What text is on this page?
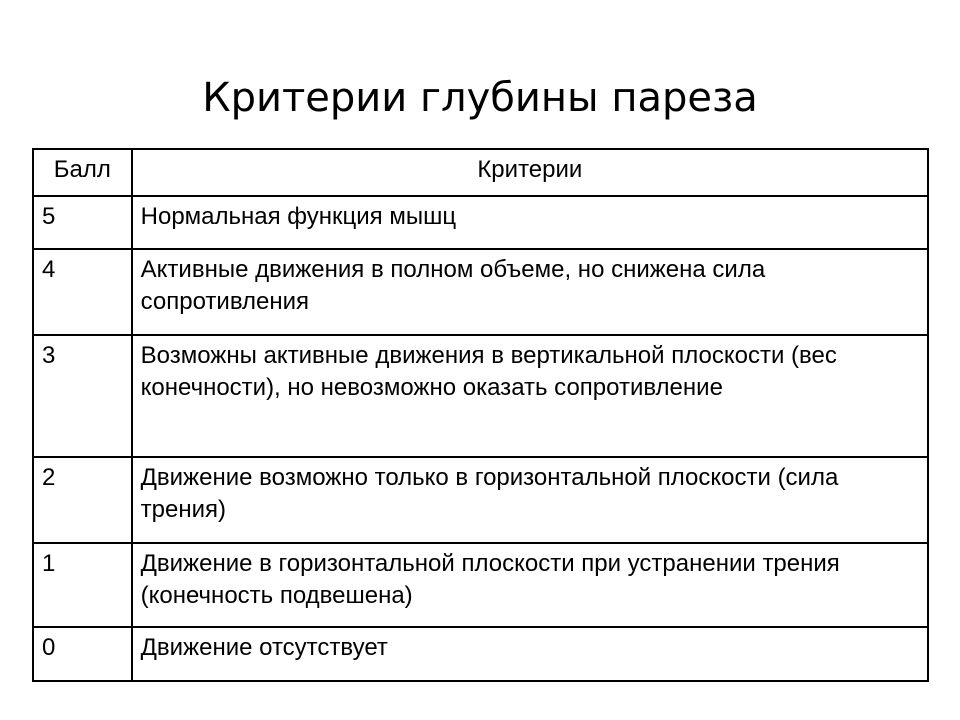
Критерии глубины пареза
Балл	Критерии
5	Нормальная функция мышц
4	Активные движения в полном объеме, но снижена сила сопротивления
3	Возможны активные движения в вертикальной плоскости (вес конечности), но невозможно оказать сопротивление
2	Движение возможно только в горизонтальной плоскости (сила трения)
1	Движение в горизонтальной плоскости при устранении трения (конечность подвешена)
0	Движение отсутствует
